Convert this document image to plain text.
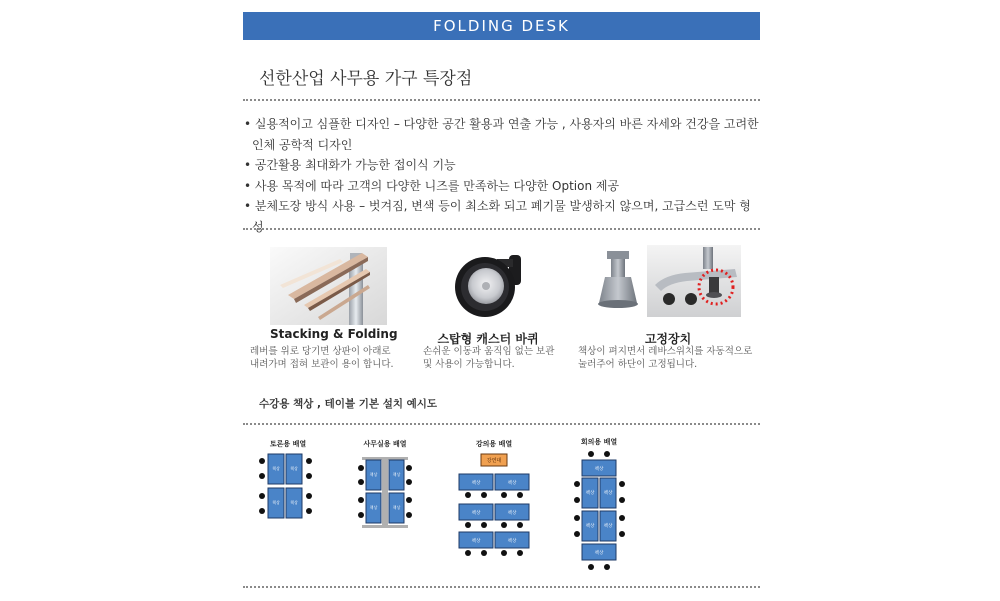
FOLDING DESK
선한산업 사무용 가구 특장점
• 실용적이고 심플한 디자인 – 다양한 공간 활용과 연출 가능 , 사용자의 바른 자세와 건강을 고려한 인체 공학적 디자인
• 공간활용 최대화가 가능한 접이식 기능
• 사용 목적에 따라 고객의 다양한 니즈를 만족하는 다양한 Option 제공
• 분체도장 방식 사용 – 벗겨짐, 변색 등이 최소화 되고 폐기물 발생하지 않으며, 고급스런 도막 형성
Stacking & Folding
레버를 위로 당기면 상판이 아래로 내려가며 접혀 보관이 용이 합니다.
스탑형 캐스터 바퀴
손쉬운 이동과 움직임 없는 보관 및 사용이 가능합니다.
고정장치
책상이 펴지면서 레바스위치를 자동적으로 눌러주어 하단이 고정됩니다.
수강용 책상 , 테이블 기본 설치 예시도
토론용 배열	사무실용 배열	강의용 배열	회의용 배열
책상	책상
책상	책상
책상	책상
책상	책상
강연대
책상	책상
책상	책상
책상	책상
책상
책상 책상
책상 책상
책상
